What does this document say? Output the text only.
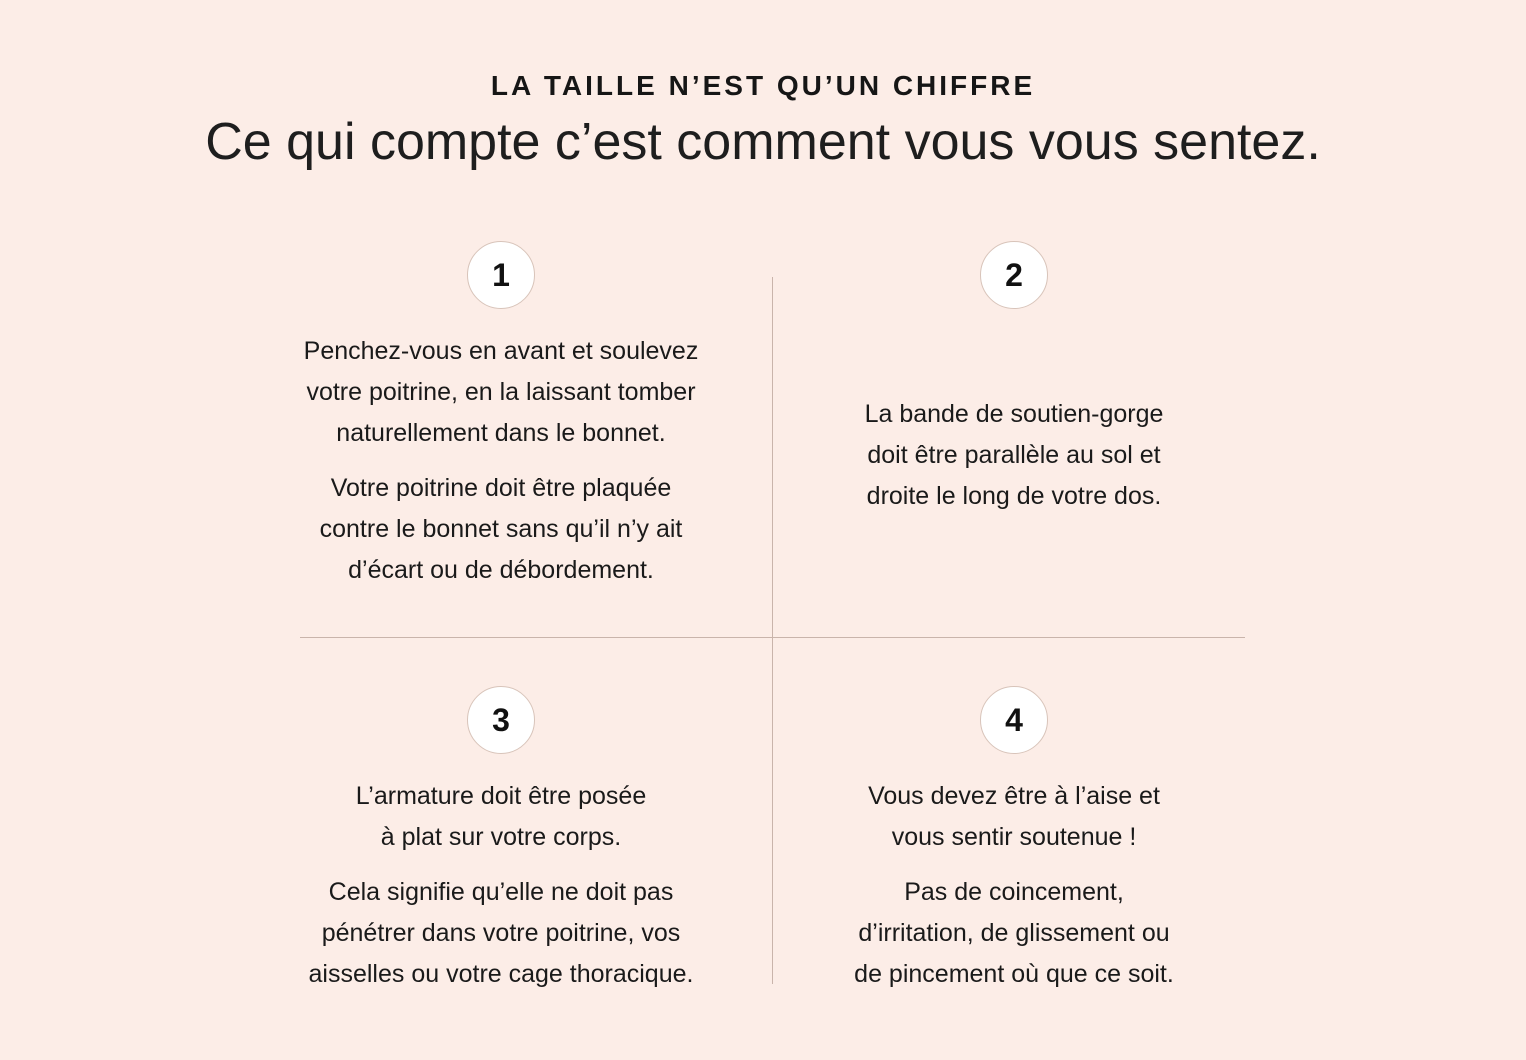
LA TAILLE N’EST QU’UN CHIFFRE
Ce qui compte c’est comment vous vous sentez.
1

Penchez-vous en avant et soulevez
votre poitrine, en la laissant tomber
naturellement dans le bonnet.

Votre poitrine doit être plaquée
contre le bonnet sans qu’il n’y ait
d’écart ou de débordement.

2

La bande de soutien-gorge
doit être parallèle au sol et
droite le long de votre dos.

3

L’armature doit être posée
à plat sur votre corps.

Cela signifie qu’elle ne doit pas
pénétrer dans votre poitrine, vos
aisselles ou votre cage thoracique.

4

Vous devez être à l’aise et
vous sentir soutenue !

Pas de coincement,
d’irritation, de glissement ou
de pincement où que ce soit.
